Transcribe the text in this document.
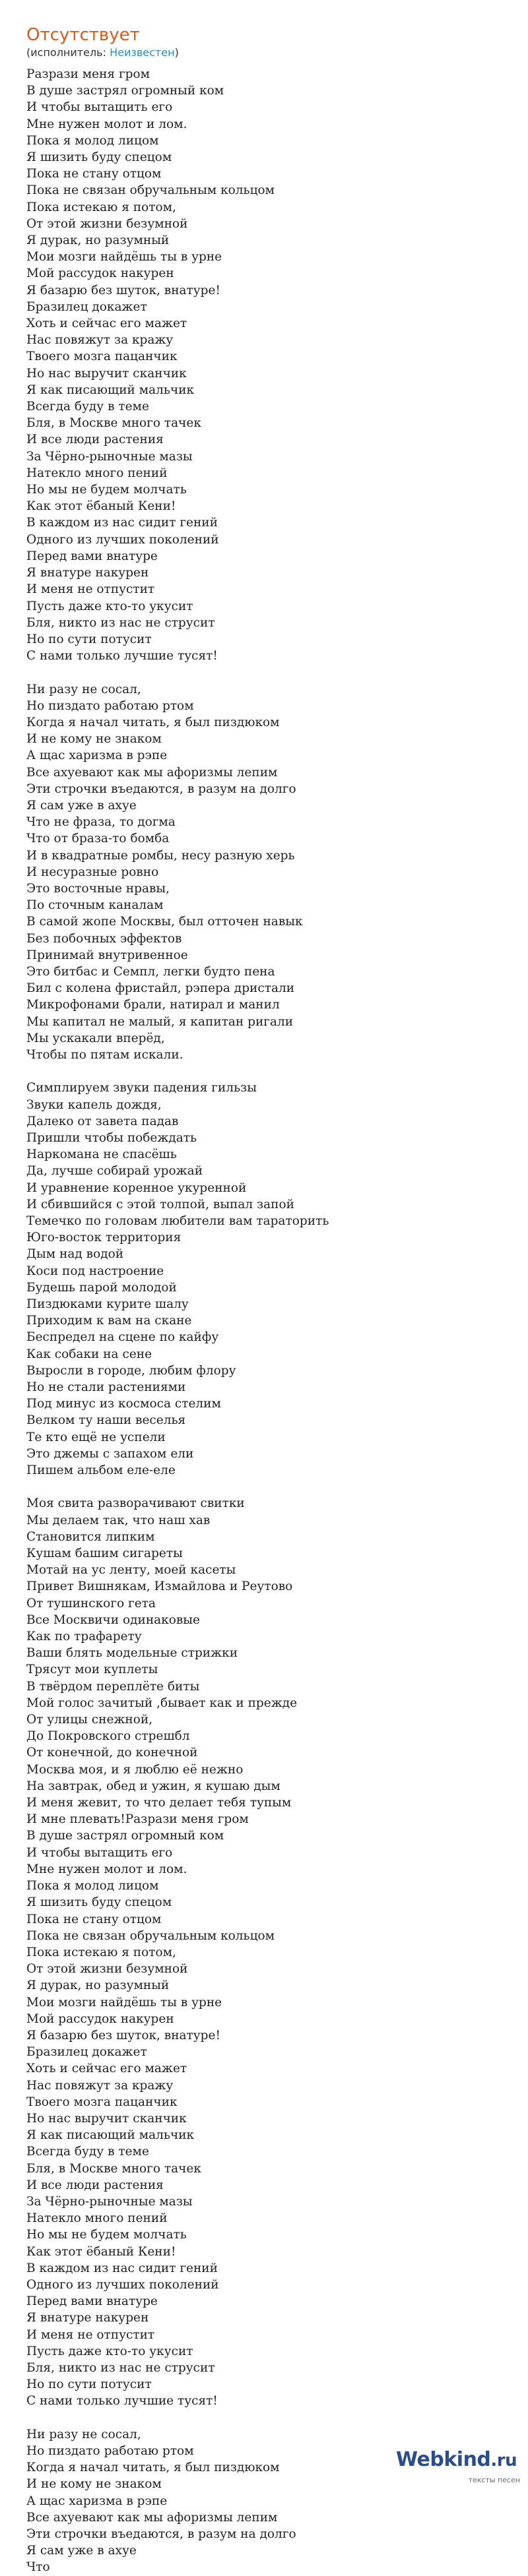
Отсутствует
(исполнитель: Неизвестен)
Разрази меня гром
В душе застрял огромный ком
И чтобы вытащить его
Мне нужен молот и лом.
Пока я молод лицом
Я шизить буду спецом
Пока не стану отцом
Пока не связан обручальным кольцом
Пока истекаю я потом,
От этой жизни безумной
Я дурак, но разумный
Мои мозги найдёшь ты в урне
Мой рассудок накурен
Я базарю без шуток, внатуре!
Бразилец докажет
Хоть и сейчас его мажет
Нас повяжут за кражу
Твоего мозга пацанчик
Но нас выручит сканчик
Я как писающий мальчик
Всегда буду в теме
Бля, в Москве много тачек
И все люди растения
За Чёрно-рыночные мазы
Натекло много пений
Но мы не будем молчать
Как этот ёбаный Кени!
В каждом из нас сидит гений
Одного из лучших поколений
Перед вами внатуре
Я внатуре накурен
И меня не отпустит
Пусть даже кто-то укусит
Бля, никто из нас не струсит
Но по сути потусит
С нами только лучшие тусят!
Ни разу не сосал,
Но пиздато работаю ртом
Когда я начал читать, я был пиздюком
И не кому не знаком
А щас харизма в рэпе
Все ахуевают как мы афоризмы лепим
Эти строчки въедаются, в разум на долго
Я сам уже в ахуе
Что не фраза, то догма
Что от браза-то бомба
И в квадратные ромбы, несу разную херь
И несуразные ровно
Это восточные нравы,
По сточным каналам
В самой жопе Москвы, был отточен навык
Без побочных эффектов
Принимай внутривенное
Это битбас и Семпл, легки будто пена
Бил с колена фристайл, рэпера дристали
Микрофонами брали, натирал и манил
Мы капитал не малый, я капитан ригали
Мы ускакали вперёд,
Чтобы по пятам искали.
Симплируем звуки падения гильзы
Звуки капель дождя,
Далеко от завета падав
Пришли чтобы побеждать
Наркомана не спасёшь
Да, лучше собирай урожай
И уравнение коренное укуренной
И сбившийся с этой толпой, выпал запой
Темечко по головам любители вам тараторить
Юго-восток территория
Дым над водой
Коси под настроение
Будешь парой молодой
Пиздюками курите шалу
Приходим к вам на скане
Беспредел на сцене по кайфу
Как собаки на сене
Выросли в городе, любим флору
Но не стали растениями
Под минус из космоса стелим
Велком ту наши веселья
Те кто ещё не успели
Это джемы с запахом ели
Пишем альбом еле-еле
Моя свита разворачивают свитки
Мы делаем так, что наш хав
Становится липким
Кушам башим сигареты
Мотай на ус ленту, моей касеты
Привет Вишнякам, Измайлова и Реутово
От тушинского гета
Все Москвичи одинаковые
Как по трафарету
Ваши блять модельные стрижки
Трясут мои куплеты
В твёрдом переплёте биты
Мой голос зачитый ,бывает как и прежде
От улицы снежной,
До Покровского стрешбл
От конечной, до конечной
Москва моя, и я люблю её нежно
На завтрак, обед и ужин, я кушаю дым
И меня жевит, то что делает тебя тупым
И мне плевать!Разрази меня гром
В душе застрял огромный ком
И чтобы вытащить его
Мне нужен молот и лом.
Пока я молод лицом
Я шизить буду спецом
Пока не стану отцом
Пока не связан обручальным кольцом
Пока истекаю я потом,
От этой жизни безумной
Я дурак, но разумный
Мои мозги найдёшь ты в урне
Мой рассудок накурен
Я базарю без шуток, внатуре!
Бразилец докажет
Хоть и сейчас его мажет
Нас повяжут за кражу
Твоего мозга пацанчик
Но нас выручит сканчик
Я как писающий мальчик
Всегда буду в теме
Бля, в Москве много тачек
И все люди растения
За Чёрно-рыночные мазы
Натекло много пений
Но мы не будем молчать
Как этот ёбаный Кени!
В каждом из нас сидит гений
Одного из лучших поколений
Перед вами внатуре
Я внатуре накурен
И меня не отпустит
Пусть даже кто-то укусит
Бля, никто из нас не струсит
Но по сути потусит
С нами только лучшие тусят!
Ни разу не сосал,
Но пиздато работаю ртом
Когда я начал читать, я был пиздюком
И не кому не знаком
А щас харизма в рэпе
Все ахуевают как мы афоризмы лепим
Эти строчки въедаются, в разум на долго
Я сам уже в ахуе
Что
Webkind.ru
тексты песен
